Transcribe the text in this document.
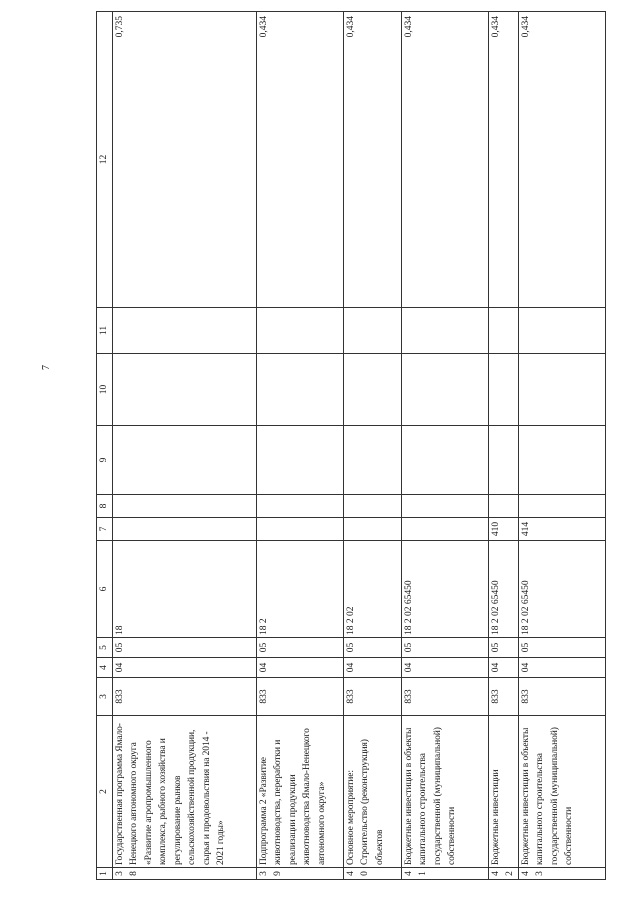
7
1	2	3	4	5	6	7	8	9	10	11	12
38	Государственная программа Ямало-Ненецкого автономного округа «Развитие агропромышленного комплекса, рыбного хозяйства и регулирование рынков сельскохозяйственной продукции, сырья и продовольствия на 2014 - 2021 годы»	833	04	05	18						0,735
39	Подпрограмма 2 «Развитие животноводства, переработки и реализации продукции животноводства Ямало-Ненецкого автономного округа»	833	04	05	18 2						0,434
40	Основное мероприятие: Строительство (реконструкция) объектов	833	04	05	18 2 02						0,434
41	Бюджетные инвестиции в объекты капитального строительства государственной (муниципальной) собственности	833	04	05	18 2 02 65450						0,434
42	Бюджетные инвестиции	833	04	05	18 2 02 65450	410					0,434
43	Бюджетные инвестиции в объекты капитального строительства государственной (муниципальной) собственности	833	04	05	18 2 02 65450	414					0,434
